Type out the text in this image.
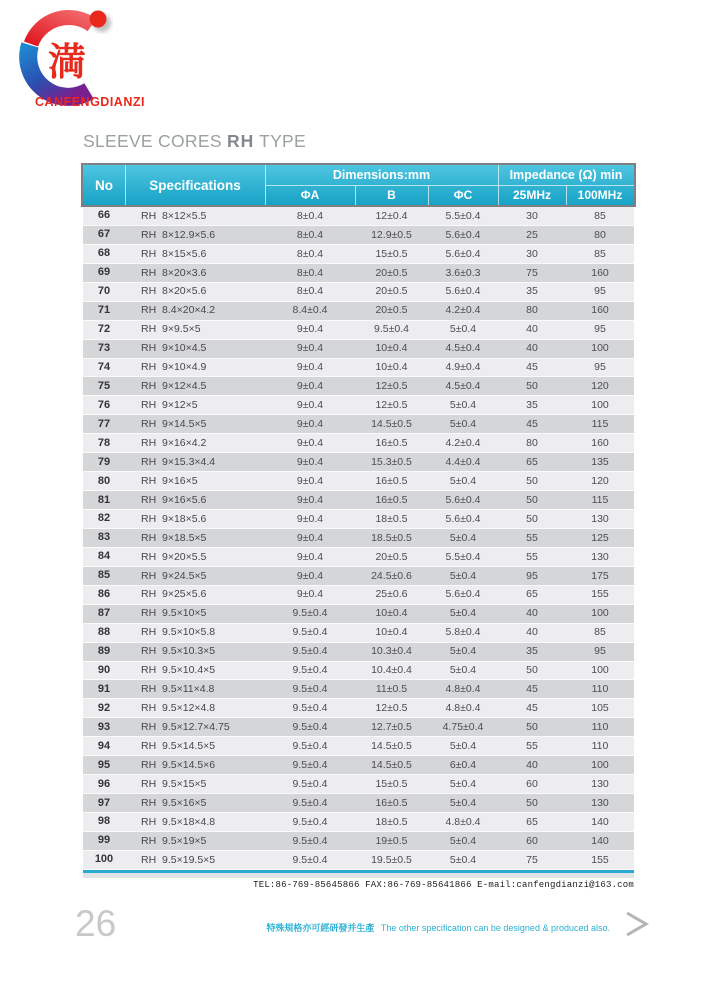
満
CANFENGDIANZI
SLEEVE CORES RH TYPE
No	Specifications
Dimensions:mm	Impedance (Ω) min
ΦA	B	ΦC	25MHz	100MHz
66	RH  8×12×5.5	8±0.4	12±0.4	5.5±0.4	30	85
67	RH  8×12.9×5.6	8±0.4	12.9±0.5	5.6±0.4	25	80
68	RH  8×15×5.6	8±0.4	15±0.5	5.6±0.4	30	85
69	RH  8×20×3.6	8±0.4	20±0.5	3.6±0.3	75	160
70	RH  8×20×5.6	8±0.4	20±0.5	5.6±0.4	35	95
71	RH  8.4×20×4.2	8.4±0.4	20±0.5	4.2±0.4	80	160
72	RH  9×9.5×5	9±0.4	9.5±0.4	5±0.4	40	95
73	RH  9×10×4.5	9±0.4	10±0.4	4.5±0.4	40	100
74	RH  9×10×4.9	9±0.4	10±0.4	4.9±0.4	45	95
75	RH  9×12×4.5	9±0.4	12±0.5	4.5±0.4	50	120
76	RH  9×12×5	9±0.4	12±0.5	5±0.4	35	100
77	RH  9×14.5×5	9±0.4	14.5±0.5	5±0.4	45	115
78	RH  9×16×4.2	9±0.4	16±0.5	4.2±0.4	80	160
79	RH  9×15.3×4.4	9±0.4	15.3±0.5	4.4±0.4	65	135
80	RH  9×16×5	9±0.4	16±0.5	5±0.4	50	120
81	RH  9×16×5.6	9±0.4	16±0.5	5.6±0.4	50	115
82	RH  9×18×5.6	9±0.4	18±0.5	5.6±0.4	50	130
83	RH  9×18.5×5	9±0.4	18.5±0.5	5±0.4	55	125
84	RH  9×20×5.5	9±0.4	20±0.5	5.5±0.4	55	130
85	RH  9×24.5×5	9±0.4	24.5±0.6	5±0.4	95	175
86	RH  9×25×5.6	9±0.4	25±0.6	5.6±0.4	65	155
87	RH  9.5×10×5	9.5±0.4	10±0.4	5±0.4	40	100
88	RH  9.5×10×5.8	9.5±0.4	10±0.4	5.8±0.4	40	85
89	RH  9.5×10.3×5	9.5±0.4	10.3±0.4	5±0.4	35	95
90	RH  9.5×10.4×5	9.5±0.4	10.4±0.4	5±0.4	50	100
91	RH  9.5×11×4.8	9.5±0.4	11±0.5	4.8±0.4	45	110
92	RH  9.5×12×4.8	9.5±0.4	12±0.5	4.8±0.4	45	105
93	RH  9.5×12.7×4.75	9.5±0.4	12.7±0.5	4.75±0.4	50	110
94	RH  9.5×14.5×5	9.5±0.4	14.5±0.5	5±0.4	55	110
95	RH  9.5×14.5×6	9.5±0.4	14.5±0.5	6±0.4	40	100
96	RH  9.5×15×5	9.5±0.4	15±0.5	5±0.4	60	130
97	RH  9.5×16×5	9.5±0.4	16±0.5	5±0.4	50	130
98	RH  9.5×18×4.8	9.5±0.4	18±0.5	4.8±0.4	65	140
99	RH  9.5×19×5	9.5±0.4	19±0.5	5±0.4	60	140
100	RH  9.5×19.5×5	9.5±0.4	19.5±0.5	5±0.4	75	155
TEL:86-769-85645866 FAX:86-769-85641866 E-mail:canfengdianzi@163.com
26	特殊規格亦可經研發并生產 The other specification can be designed & produced also.
